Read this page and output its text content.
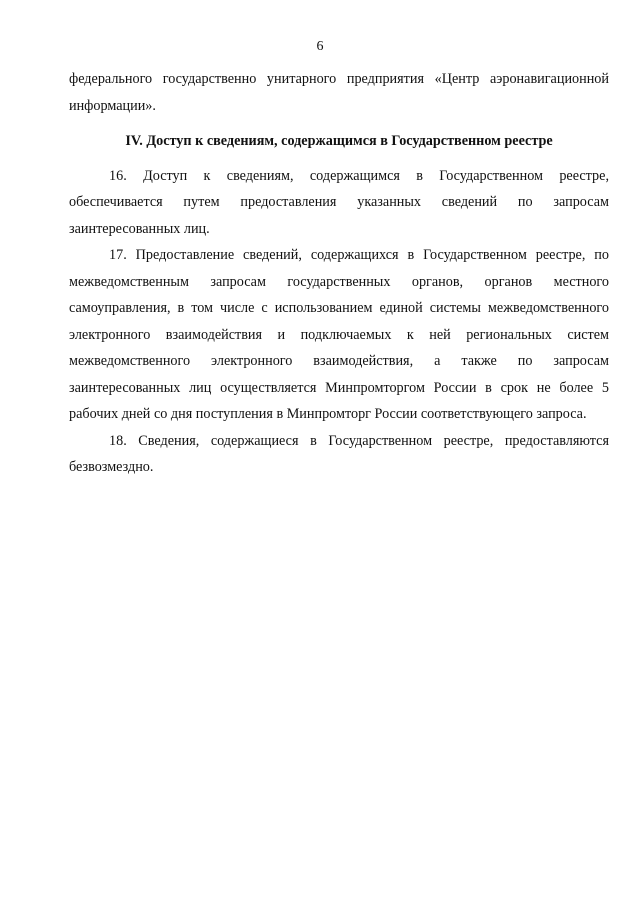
6

федерального государственно унитарного предприятия «Центр аэронавигационной информации».

IV. Доступ к сведениям, содержащимся в Государственном реестре

16. Доступ к сведениям, содержащимся в Государственном реестре, обеспечивается путем предоставления указанных сведений по запросам заинтересованных лиц.

17. Предоставление сведений, содержащихся в Государственном реестре, по межведомственным запросам государственных органов, органов местного самоуправления, в том числе с использованием единой системы межведомственного электронного взаимодействия и подключаемых к ней региональных систем межведомственного электронного взаимодействия, а также по запросам заинтересованных лиц осуществляется Минпромторгом России в срок не более 5 рабочих дней со дня поступления в Минпромторг России соответствующего запроса.

18. Сведения, содержащиеся в Государственном реестре, предоставляются безвозмездно.
